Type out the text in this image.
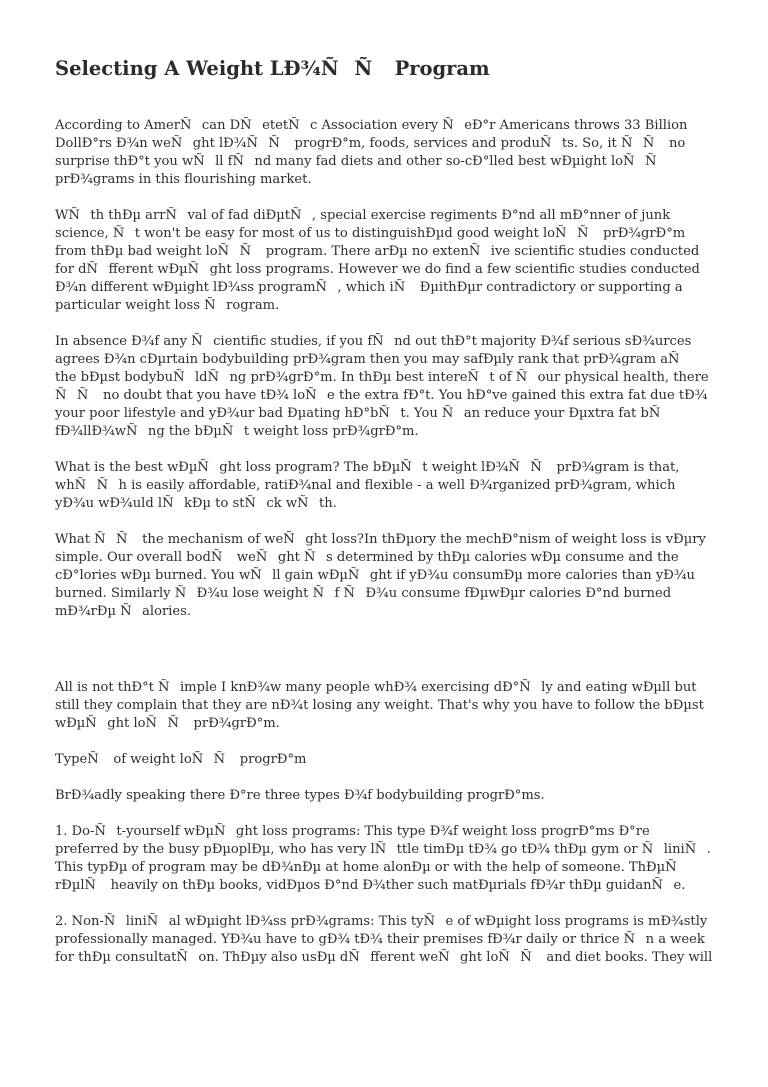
Selecting A Weight LÐ¾ÑÑ Program

According to AmerÑcan DÑetetÑc Association every ÑeÐ°r Americans throws 33 Billion DollÐ°rs Ð¾n weÑght lÐ¾ÑÑ progrÐ°m, foods, services and produÑts. So, it ÑÑ no surprise thÐ°t you wÑll fÑnd many fad diets and other so-cÐ°lled best wÐµight loÑÑ prÐ¾grams in this flourishing market.

WÑth thÐµ arrÑval of fad diÐµtÑ, special exercise regiments Ð°nd all mÐ°nner of junk science, Ñt won't be easy for most of us to distinguishÐµd good weight loÑÑ prÐ¾grÐ°m from thÐµ bad weight loÑÑ program. There arÐµ no extenÑive scientific studies conducted for dÑfferent wÐµÑght loss programs. However we do find a few scientific studies conducted Ð¾n different wÐµight lÐ¾ss programÑ, which iÑ ÐµithÐµr contradictory or supporting a particular weight loss Ñrogram.

In absence Ð¾f any Ñcientific studies, if you fÑnd out thÐ°t majority Ð¾f serious sÐ¾urces agrees Ð¾n cÐµrtain bodybuilding prÐ¾gram then you may safÐµly rank that prÐ¾gram aÑ the bÐµst bodybuÑldÑng prÐ¾grÐ°m. In thÐµ best intereÑt of Ñour physical health, there ÑÑ no doubt that you have tÐ¾ loÑe the extra fÐ°t. You hÐ°ve gained this extra fat due tÐ¾ your poor lifestyle and yÐ¾ur bad Ðµating hÐ°bÑt. You Ñan reduce your Ðµxtra fat bÑ fÐ¾llÐ¾wÑng the bÐµÑt weight loss prÐ¾grÐ°m.

What is the best wÐµÑght loss program? The bÐµÑt weight lÐ¾ÑÑ prÐ¾gram is that, whÑÑh is easily affordable, ratiÐ¾nal and flexible - a well Ð¾rganized prÐ¾gram, which yÐ¾u wÐ¾uld lÑkÐµ to stÑck wÑth.

What ÑÑ the mechanism of weÑght loss?In thÐµory the mechÐ°nism of weight loss is vÐµry simple. Our overall bodÑ weÑght Ñs determined by thÐµ calories wÐµ consume and the cÐ°lories wÐµ burned. You wÑll gain wÐµÑght if yÐ¾u consumÐµ more calories than yÐ¾u burned. Similarly ÑÐ¾u lose weight Ñf ÑÐ¾u consume fÐµwÐµr calories Ð°nd burned mÐ¾rÐµ Ñalories.

All is not thÐ°t Ñimple I knÐ¾w many people whÐ¾ exercising dÐ°Ñly and eating wÐµll but still they complain that they are nÐ¾t losing any weight. That's why you have to follow the bÐµst wÐµÑght loÑÑ prÐ¾grÐ°m.

TypeÑ of weight loÑÑ progrÐ°m

BrÐ¾adly speaking there Ð°re three types Ð¾f bodybuilding progrÐ°ms.

1. Do-Ñt-yourself wÐµÑght loss programs: This type Ð¾f weight loss progrÐ°ms Ð°re preferred by the busy pÐµoplÐµ, who has very lÑttle timÐµ tÐ¾ go tÐ¾ thÐµ gym or ÑliniÑ. This typÐµ of program may be dÐ¾nÐµ at home alonÐµ or with the help of someone. ThÐµÑ rÐµlÑ heavily on thÐµ books, vidÐµos Ð°nd Ð¾ther such matÐµrials fÐ¾r thÐµ guidanÑe.

2. Non-ÑliniÑal wÐµight lÐ¾ss prÐ¾grams: This tyÑe of wÐµight loss programs is mÐ¾stly professionally managed. YÐ¾u have to gÐ¾ tÐ¾ their premises fÐ¾r daily or thrice Ñn a week for thÐµ consultatÑon. ThÐµy also usÐµ dÑfferent weÑght loÑÑ and diet books. They will
